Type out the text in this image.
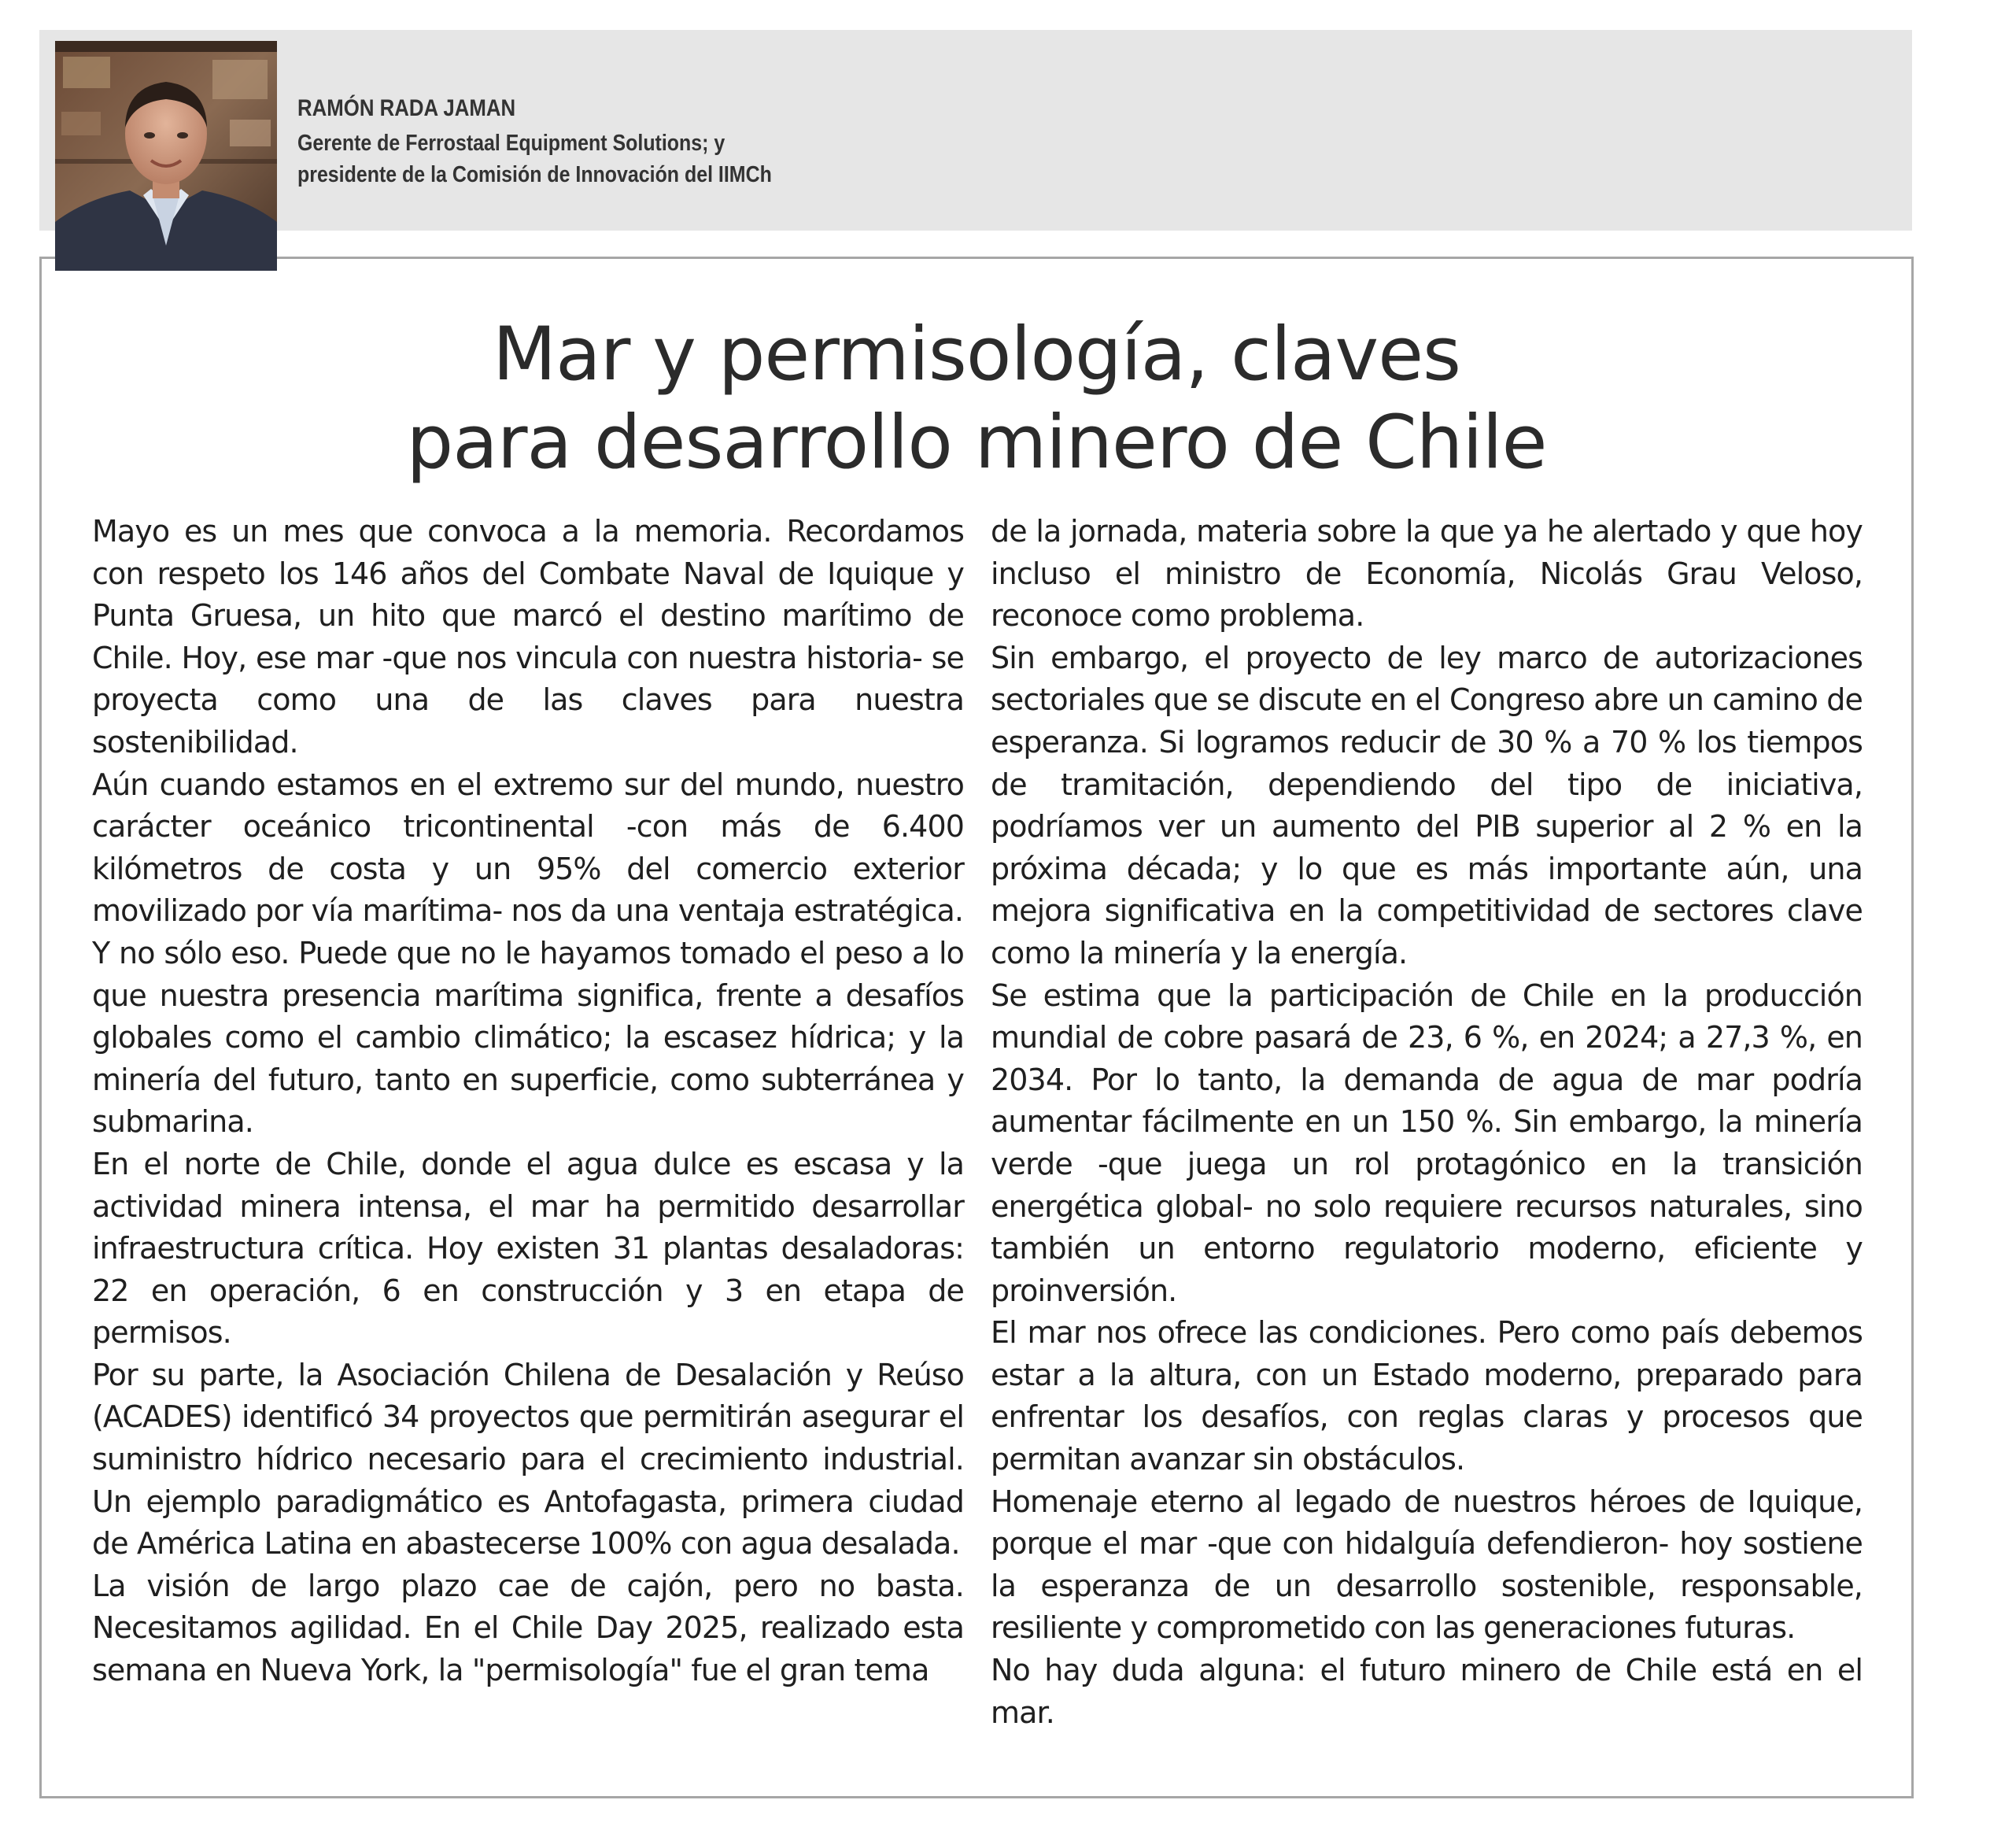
RAMÓN RADA JAMAN
Gerente de Ferrostaal Equipment Solutions; y
presidente de la Comisión de Innovación del IIMCh
Mar y permisología, claves
para desarrollo minero de Chile

Mayo es un mes que convoca a la memoria. Recordamos con respeto los 146 años del Combate Naval de Iquique y Punta Gruesa, un hito que marcó el destino marítimo de Chile. Hoy, ese mar -que nos vincula con nuestra historia- se proyecta como una de las claves para nuestra sostenibilidad.

Aún cuando estamos en el extremo sur del mundo, nuestro carácter oceánico tricontinental -con más de 6.400 kilómetros de costa y un 95% del comercio exterior movilizado por vía marítima- nos da una ventaja estratégica.

Y no sólo eso. Puede que no le hayamos tomado el peso a lo que nuestra presencia marítima significa, frente a desafíos globales como el cambio climático; la escasez hídrica; y la minería del futuro, tanto en superficie, como subterránea y submarina.

En el norte de Chile, donde el agua dulce es escasa y la actividad minera intensa, el mar ha permitido desarrollar infraestructura crítica. Hoy existen 31 plantas desaladoras: 22 en operación, 6 en construcción y 3 en etapa de permisos.

Por su parte, la Asociación Chilena de Desalación y Reúso (ACADES) identificó 34 proyectos que permitirán asegurar el suministro hídrico necesario para el crecimiento industrial. Un ejemplo paradigmático es Antofagasta, primera ciudad de América Latina en abastecerse 100% con agua desalada.

La visión de largo plazo cae de cajón, pero no basta. Necesitamos agilidad. En el Chile Day 2025, realizado esta semana en Nueva York, la "permisología" fue el gran tema

de la jornada, materia sobre la que ya he alertado y que hoy incluso el ministro de Economía, Nicolás Grau Veloso, reconoce como problema.

Sin embargo, el proyecto de ley marco de autorizaciones sectoriales que se discute en el Congreso abre un camino de esperanza. Si logramos reducir de 30 % a 70 % los tiempos de tramitación, dependiendo del tipo de iniciativa, podríamos ver un aumento del PIB superior al 2 % en la próxima década; y lo que es más importante aún, una mejora significativa en la competitividad de sectores clave como la minería y la energía.

Se estima que la participación de Chile en la producción mundial de cobre pasará de 23, 6 %, en 2024; a 27,3 %, en 2034. Por lo tanto, la demanda de agua de mar podría aumentar fácilmente en un 150 %. Sin embargo, la minería verde -que juega un rol protagónico en la transición energética global- no solo requiere recursos naturales, sino también un entorno regulatorio moderno, eficiente y proinversión.

El mar nos ofrece las condiciones. Pero como país debemos estar a la altura, con un Estado moderno, preparado para enfrentar los desafíos, con reglas claras y procesos que permitan avanzar sin obstáculos.

Homenaje eterno al legado de nuestros héroes de Iquique, porque el mar -que con hidalguía defendieron- hoy sostiene la esperanza de un desarrollo sostenible, responsable, resiliente y comprometido con las generaciones futuras.

No hay duda alguna: el futuro minero de Chile está en el mar.
